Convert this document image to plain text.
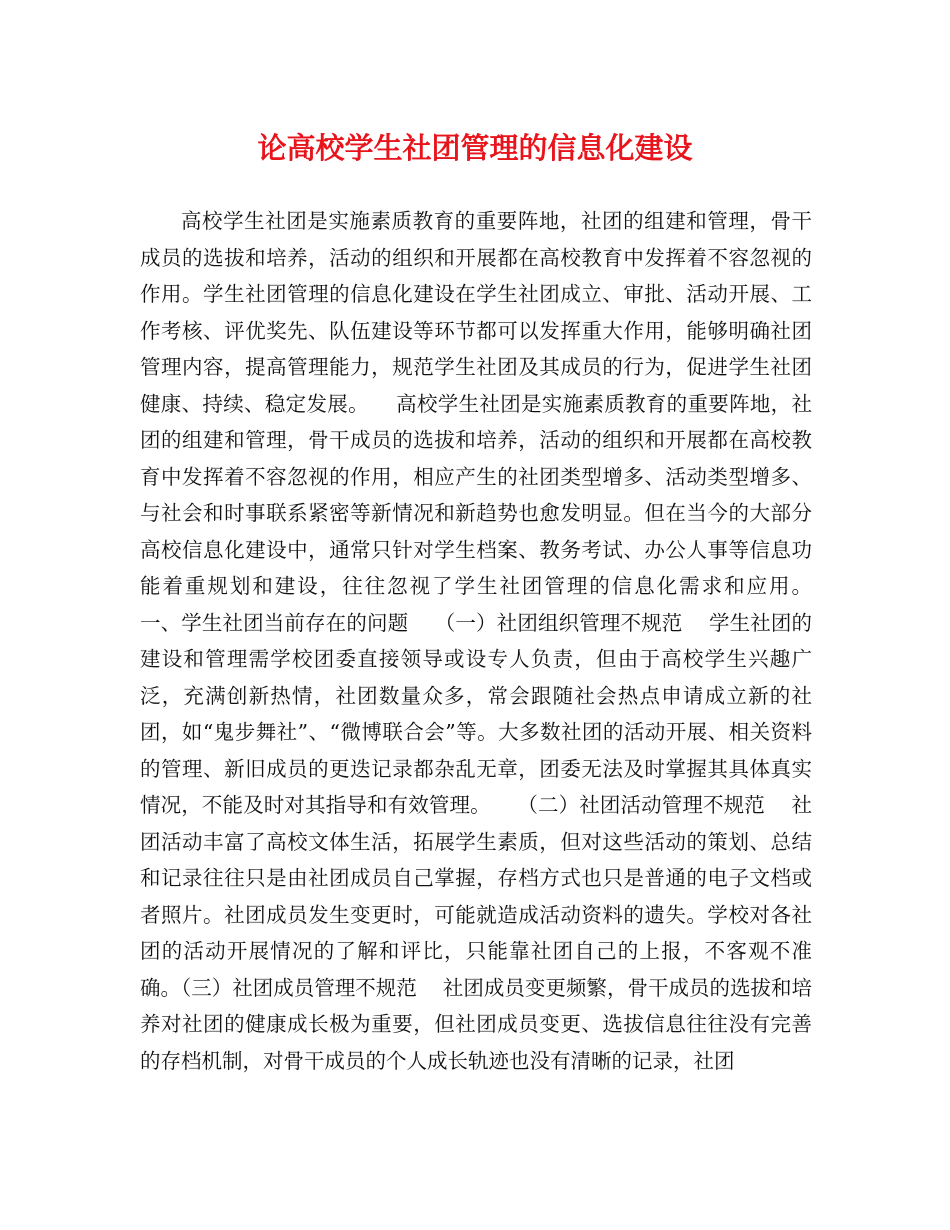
论高校学生社团管理的信息化建设

高校学生社团是实施素质教育的重要阵地，社团的组建和管理，骨干成员的选拔和培养，活动的组织和开展都在高校教育中发挥着不容忽视的作用。学生社团管理的信息化建设在学生社团成立、审批、活动开展、工作考核、评优奖先、队伍建设等环节都可以发挥重大作用，能够明确社团管理内容，提高管理能力，规范学生社团及其成员的行为，促进学生社团健康、持续、稳定发展。    高校学生社团是实施素质教育的重要阵地，社团的组建和管理，骨干成员的选拔和培养，活动的组织和开展都在高校教育中发挥着不容忽视的作用，相应产生的社团类型增多、活动类型增多、与社会和时事联系紧密等新情况和新趋势也愈发明显。但在当今的大部分高校信息化建设中，通常只针对学生档案、教务考试、办公人事等信息功能着重规划和建设，往往忽视了学生社团管理的信息化需求和应用。    一、学生社团当前存在的问题    （一）社团组织管理不规范    学生社团的建设和管理需学校团委直接领导或设专人负责，但由于高校学生兴趣广泛，充满创新热情，社团数量众多，常会跟随社会热点申请成立新的社团，如“鬼步舞社”、“微博联合会”等。大多数社团的活动开展、相关资料的管理、新旧成员的更迭记录都杂乱无章，团委无法及时掌握其具体真实情况，不能及时对其指导和有效管理。    （二）社团活动管理不规范    社团活动丰富了高校文体生活，拓展学生素质，但对这些活动的策划、总结和记录往往只是由社团成员自己掌握，存档方式也只是普通的电子文档或者照片。社团成员发生变更时，可能就造成活动资料的遗失。学校对各社团的活动开展情况的了解和评比，只能靠社团自己的上报，不客观不准确。（三）社团成员管理不规范    社团成员变更频繁，骨干成员的选拔和培养对社团的健康成长极为重要，但社团成员变更、选拔信息往往没有完善的存档机制，对骨干成员的个人成长轨迹也没有清晰的记录，社团
